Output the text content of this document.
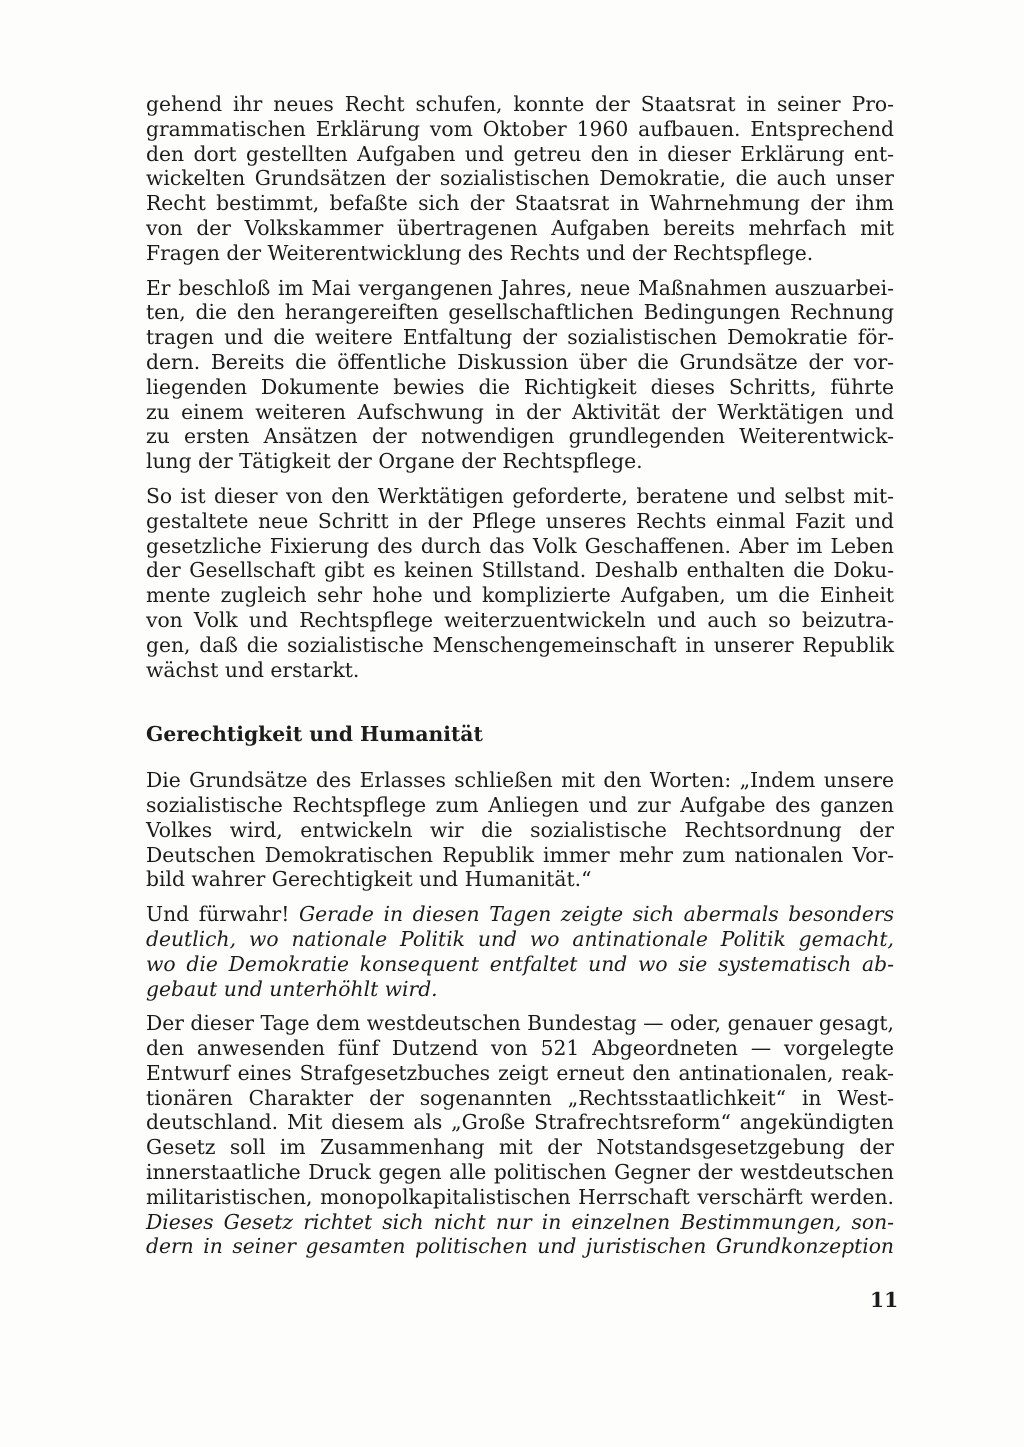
gehend ihr neues Recht schufen, konnte der Staatsrat in seiner Pro-
grammatischen Erklärung vom Oktober 1960 aufbauen. Entsprechend
den dort gestellten Aufgaben und getreu den in dieser Erklärung ent-
wickelten Grundsätzen der sozialistischen Demokratie, die auch unser
Recht bestimmt, befaßte sich der Staatsrat in Wahrnehmung der ihm
von der Volkskammer übertragenen Aufgaben bereits mehrfach mit
Fragen der Weiterentwicklung des Rechts und der Rechtspflege.
Er beschloß im Mai vergangenen Jahres, neue Maßnahmen auszuarbei-
ten, die den herangereiften gesellschaftlichen Bedingungen Rechnung
tragen und die weitere Entfaltung der sozialistischen Demokratie för-
dern. Bereits die öffentliche Diskussion über die Grundsätze der vor-
liegenden Dokumente bewies die Richtigkeit dieses Schritts, führte
zu einem weiteren Aufschwung in der Aktivität der Werktätigen und
zu ersten Ansätzen der notwendigen grundlegenden Weiterentwick-
lung der Tätigkeit der Organe der Rechtspflege.
So ist dieser von den Werktätigen geforderte, beratene und selbst mit-
gestaltete neue Schritt in der Pflege unseres Rechts einmal Fazit und
gesetzliche Fixierung des durch das Volk Geschaffenen. Aber im Leben
der Gesellschaft gibt es keinen Stillstand. Deshalb enthalten die Doku-
mente zugleich sehr hohe und komplizierte Aufgaben, um die Einheit
von Volk und Rechtspflege weiterzuentwickeln und auch so beizutra-
gen, daß die sozialistische Menschengemeinschaft in unserer Republik
wächst und erstarkt.
Gerechtigkeit und Humanität
Die Grundsätze des Erlasses schließen mit den Worten: „Indem unsere
sozialistische Rechtspflege zum Anliegen und zur Aufgabe des ganzen
Volkes wird, entwickeln wir die sozialistische Rechtsordnung der
Deutschen Demokratischen Republik immer mehr zum nationalen Vor-
bild wahrer Gerechtigkeit und Humanität.“
Und fürwahr! Gerade in diesen Tagen zeigte sich abermals besonders
deutlich, wo nationale Politik und wo antinationale Politik gemacht,
wo die Demokratie konsequent entfaltet und wo sie systematisch ab-
gebaut und unterhöhlt wird.
Der dieser Tage dem westdeutschen Bundestag — oder, genauer gesagt,
den anwesenden fünf Dutzend von 521 Abgeordneten — vorgelegte
Entwurf eines Strafgesetzbuches zeigt erneut den antinationalen, reak-
tionären Charakter der sogenannten „Rechtsstaatlichkeit“ in West-
deutschland. Mit diesem als „Große Strafrechtsreform“ angekündigten
Gesetz soll im Zusammenhang mit der Notstandsgesetzgebung der
innerstaatliche Druck gegen alle politischen Gegner der westdeutschen
militaristischen, monopolkapitalistischen Herrschaft verschärft werden.
Dieses Gesetz richtet sich nicht nur in einzelnen Bestimmungen, son-
dern in seiner gesamten politischen und juristischen Grundkonzeption
11
